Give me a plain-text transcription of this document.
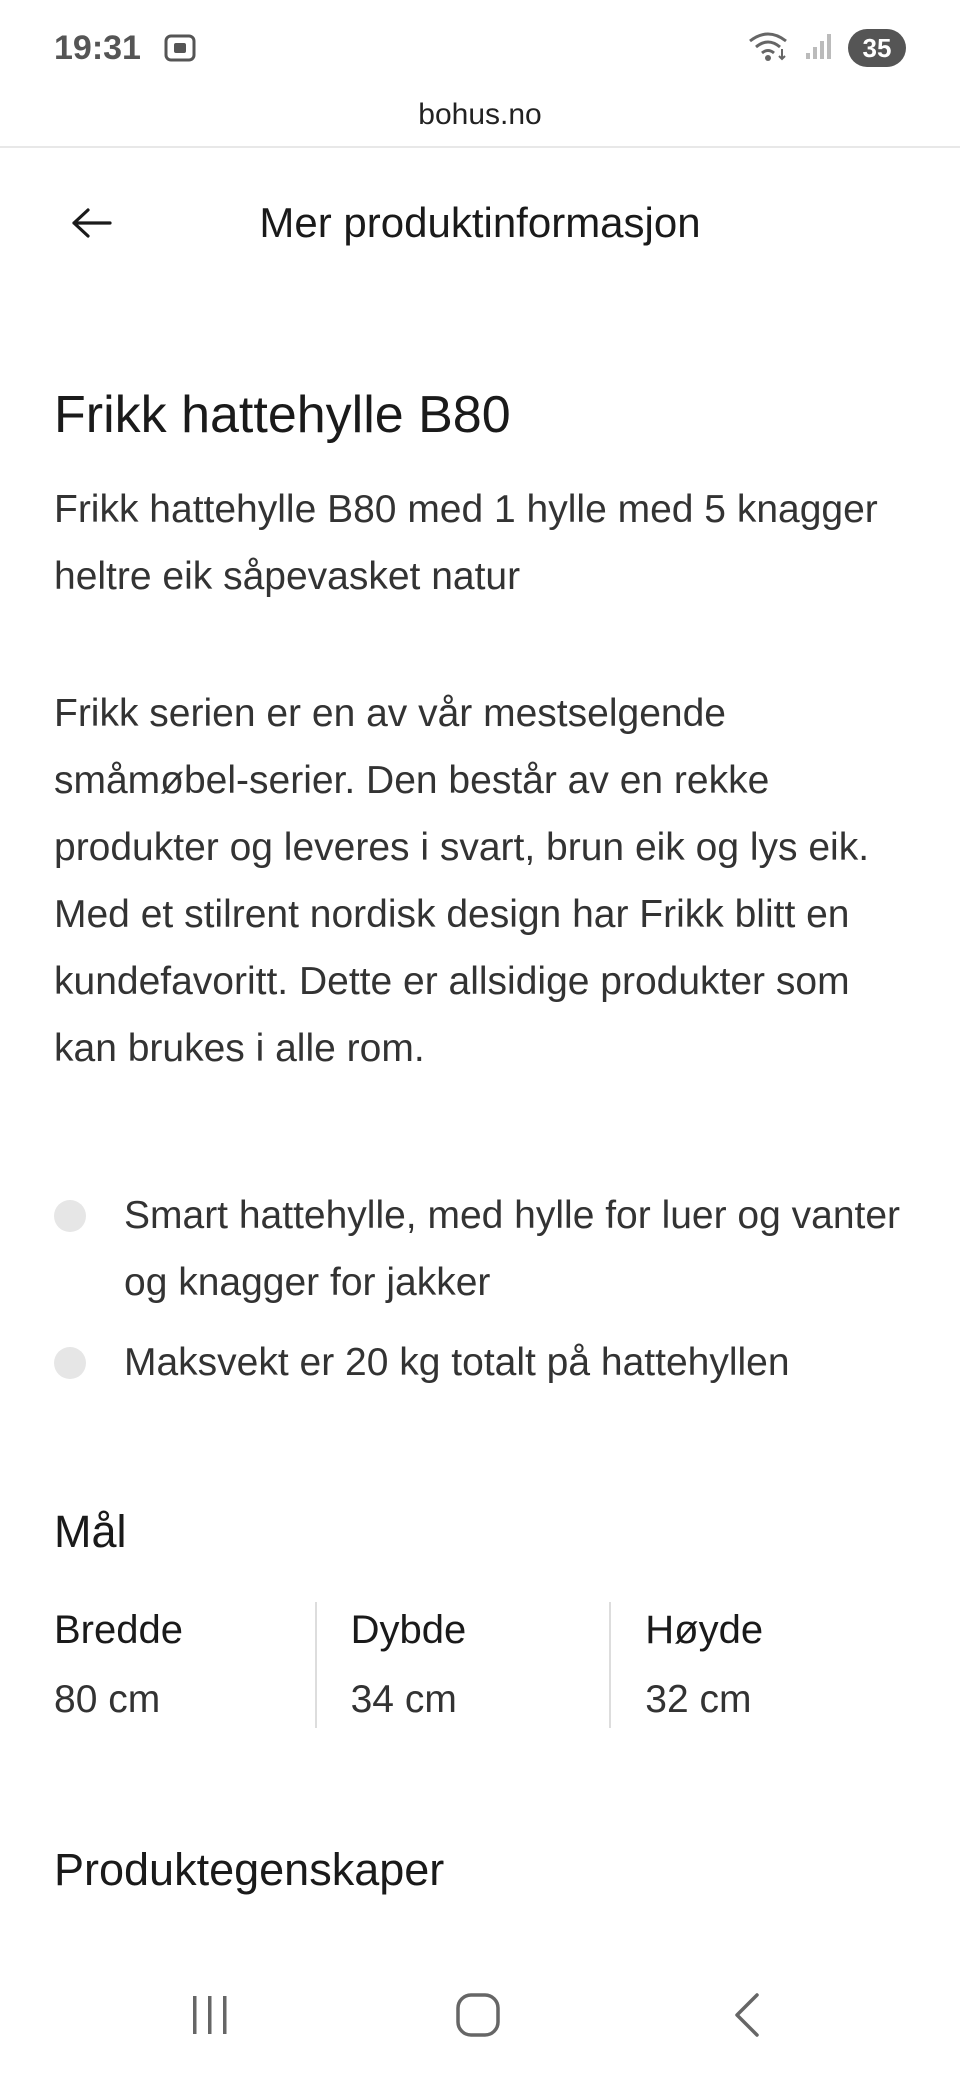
19:31	35
bohus.no
Mer produktinformasjon
Frikk hattehylle B80

Frikk hattehylle B80 med 1 hylle med 5 knagger heltre eik såpevasket natur

Frikk serien er en av vår mestselgende småmøbel-serier. Den består av en rekke produkter og leveres i svart, brun eik og lys eik. Med et stilrent nordisk design har Frikk blitt en kundefavoritt. Dette er allsidige produkter som kan brukes i alle rom.

Smart hattehylle, med hylle for luer og vanter og knagger for jakker
Maksvekt er 20 kg totalt på hattehyllen
Mål
Bredde
80 cm
Dybde
34 cm
Høyde
32 cm
Produktegenskaper
